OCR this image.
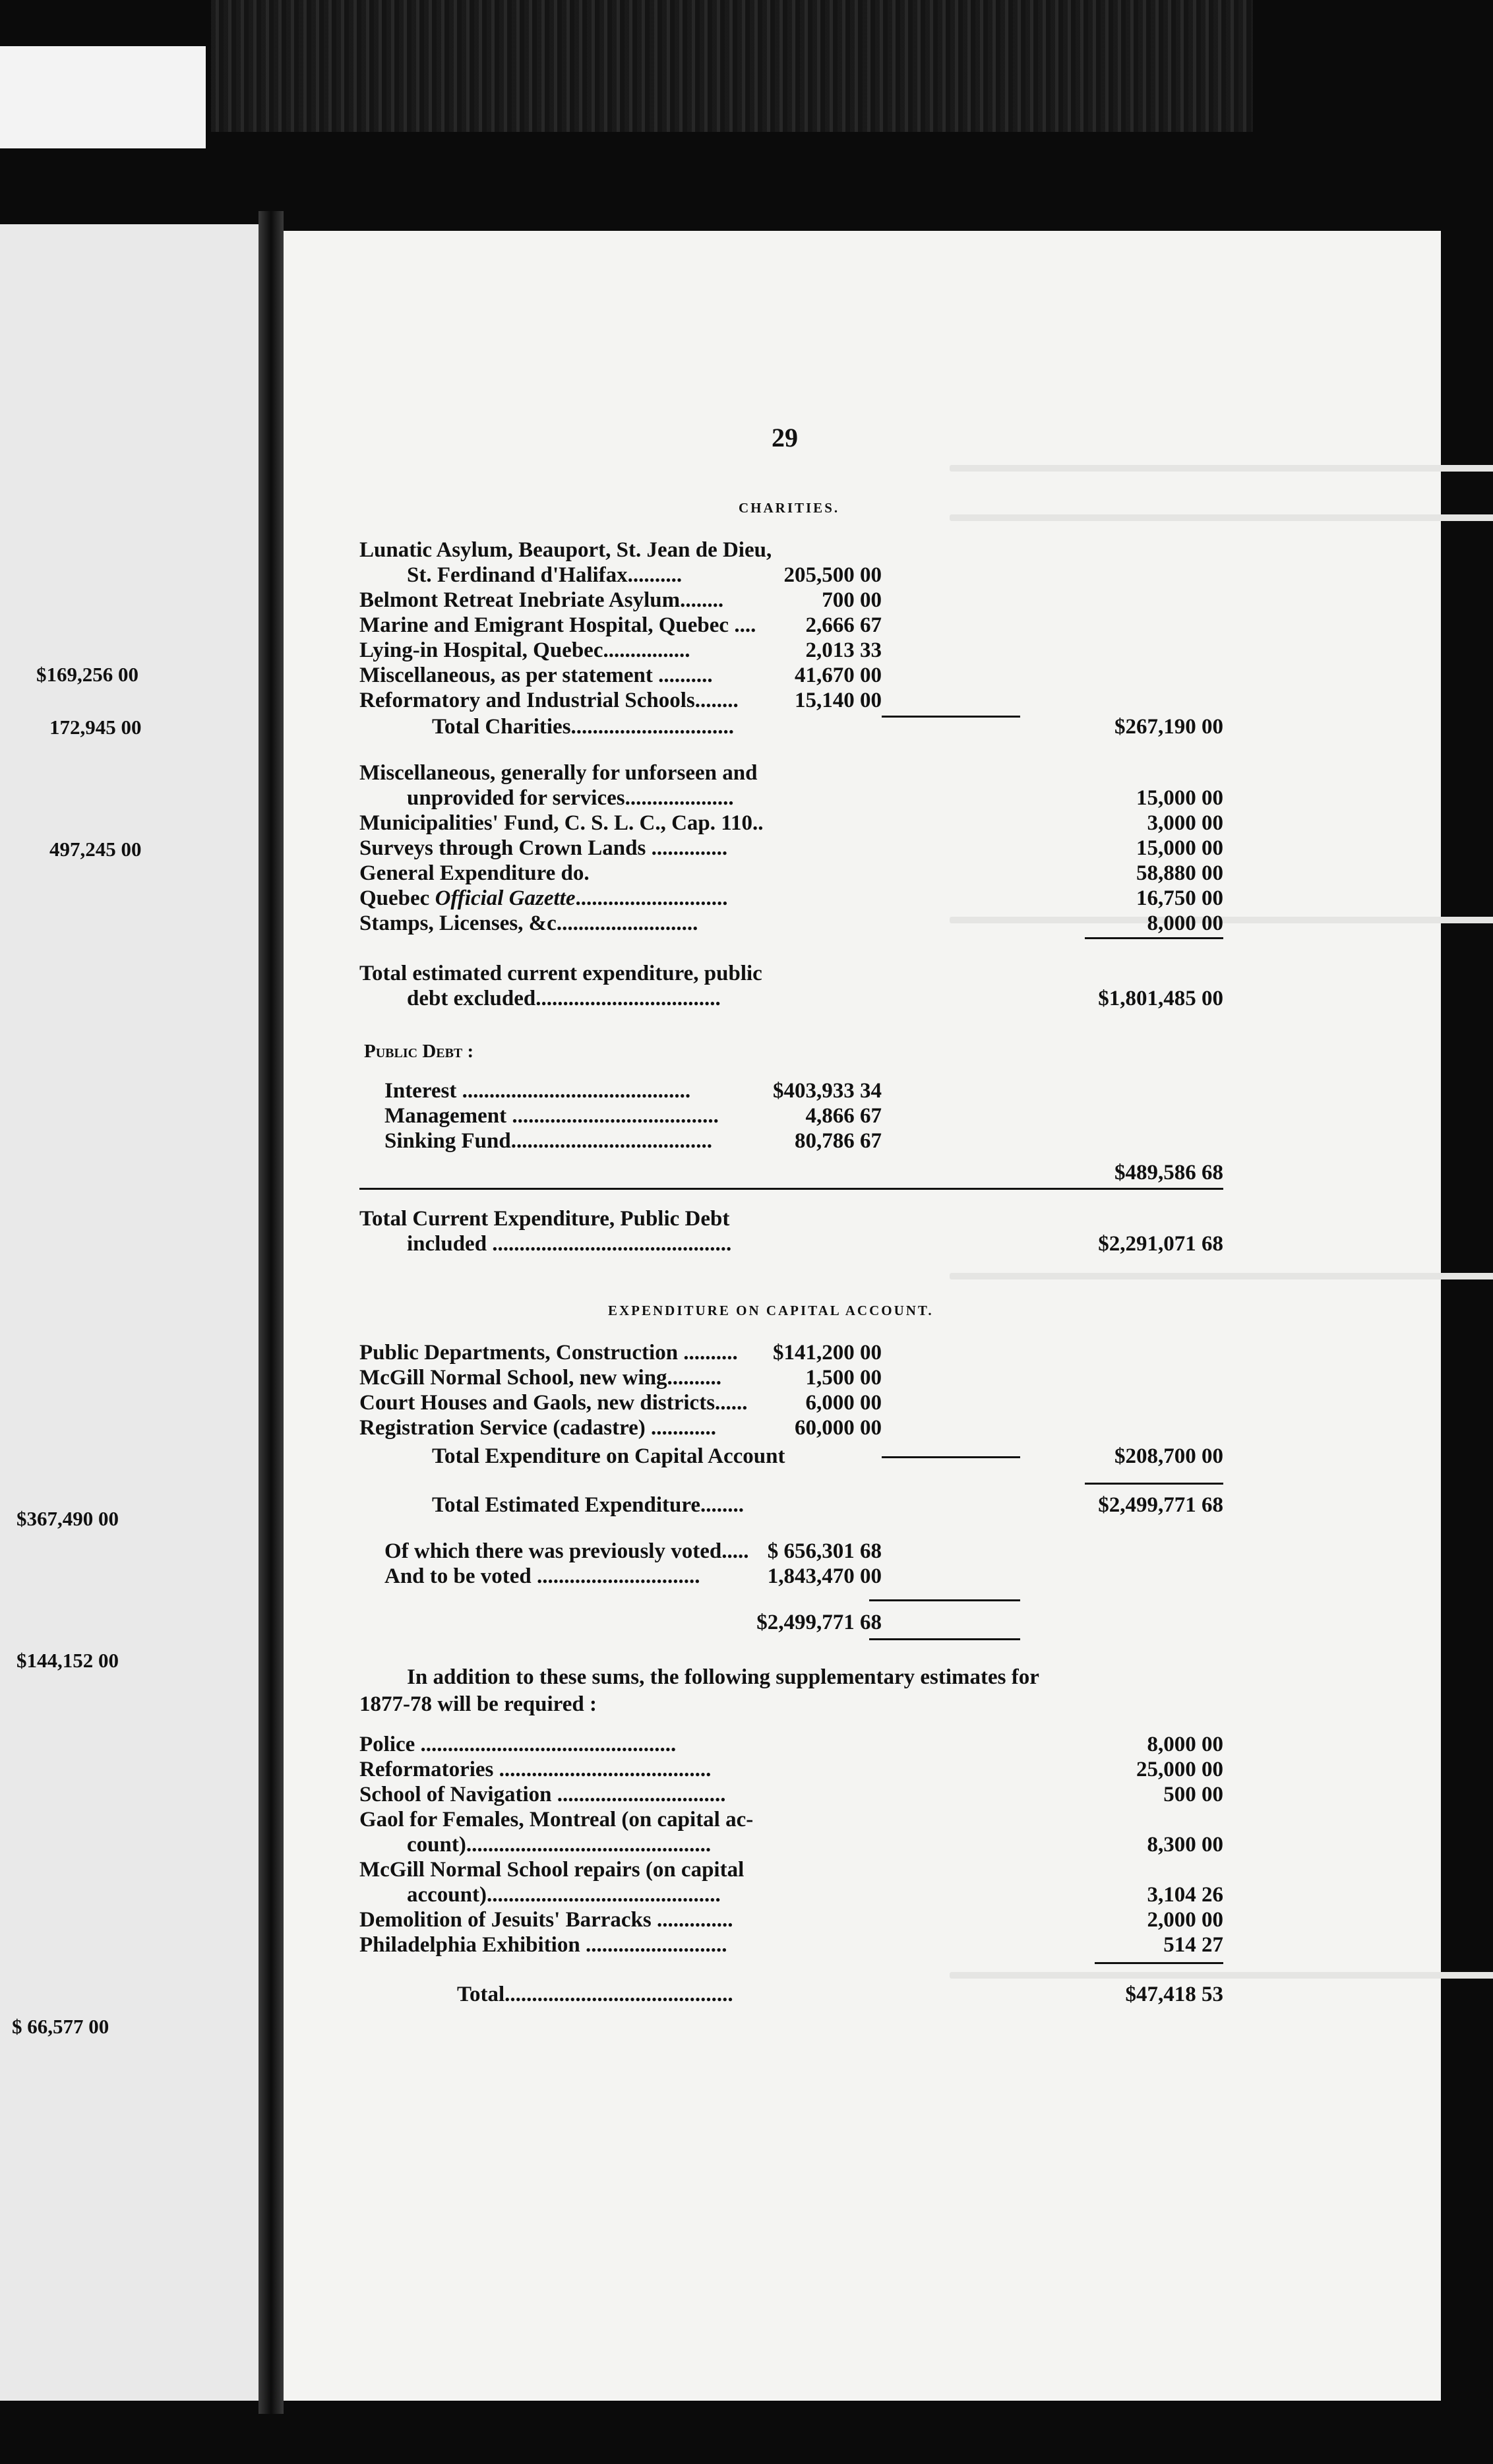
$169,256 00
172,945 00
497,245 00
$367,490 00
$144,152 00
$ 66,577 00
29
CHARITIES.
Lunatic Asylum, Beauport, St. Jean de Dieu,
St. Ferdinand d'Halifax..........	205,500 00
Belmont Retreat Inebriate Asylum........	700 00
Marine and Emigrant Hospital, Quebec .... 2,666 67
Lying-in Hospital, Quebec................	2,013 33
Miscellaneous, as per statement ..........	41,670 00
Reformatory and Industrial Schools........	15,140 00
Total Charities..............................	$267,190 00
Miscellaneous, generally for unforseen and
unprovided for services....................	15,000 00
Municipalities' Fund, C. S. L. C., Cap. 110..	3,000 00
Surveys through Crown Lands ..............	15,000 00
General Expenditure do.	58,880 00
Quebec Official Gazette............................	16,750 00
Stamps, Licenses, &c..........................	8,000 00
Total estimated current expenditure, public
debt excluded..................................	$1,801,485 00
Public Debt :
Interest ..........................................	$403,933 34
Management ......................................	4,866 67
Sinking Fund.....................................	80,786 67
$489,586 68
Total Current Expenditure, Public Debt
included ............................................	$2,291,071 68
EXPENDITURE ON CAPITAL ACCOUNT.
Public Departments, Construction .......... $141,200 00
McGill Normal School, new wing..........	1,500 00
Court Houses and Gaols, new districts......	6,000 00
Registration Service (cadastre) ............	60,000 00
Total Expenditure on Capital Account	$208,700 00
Total Estimated Expenditure........	$2,499,771 68
Of which there was previously voted..... $ 656,301 68
And to be voted ..............................	1,843,470 00
$2,499,771 68
In addition to these sums, the following supplementary estimates for
1877-78 will be required :
Police ...............................................	8,000 00
Reformatories .......................................	25,000 00
School of Navigation ...............................	500 00
Gaol for Females, Montreal (on capital ac-
count).............................................	8,300 00
McGill Normal School repairs (on capital
account)...........................................	3,104 26
Demolition of Jesuits' Barracks ..............	2,000 00
Philadelphia Exhibition ..........................	514 27
Total..........................................	$47,418 53
